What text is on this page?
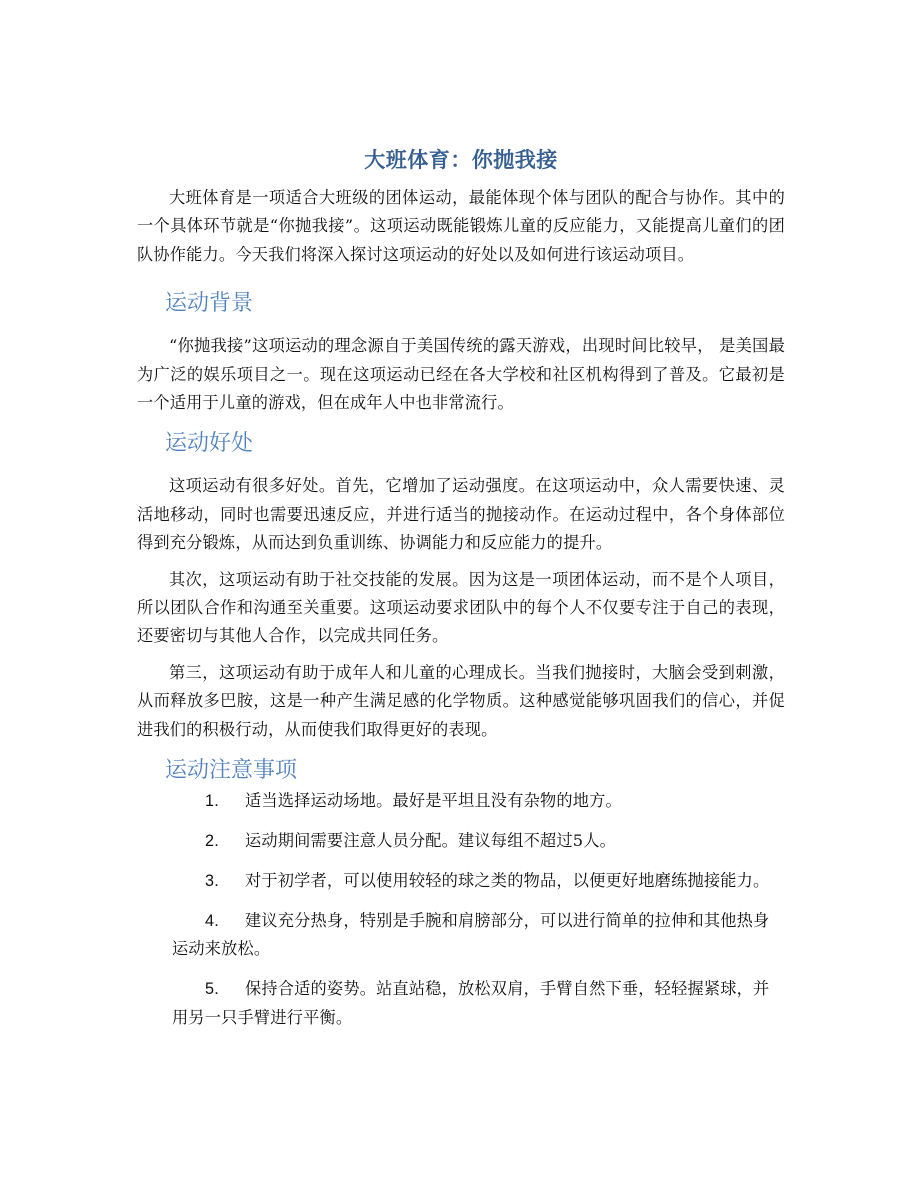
大班体育：你抛我接

大班体育是一项适合大班级的团体运动，最能体现个体与团队的配合与协作。其中的一个具体环节就是“你抛我接”。这项运动既能锻炼儿童的反应能力，又能提高儿童们的团队协作能力。今天我们将深入探讨这项运动的好处以及如何进行该运动项目。

运动背景

“你抛我接”这项运动的理念源自于美国传统的露天游戏，出现时间比较早， 是美国最为广泛的娱乐项目之一。现在这项运动已经在各大学校和社区机构得到了普及。它最初是一个适用于儿童的游戏，但在成年人中也非常流行。

运动好处

这项运动有很多好处。首先，它增加了运动强度。在这项运动中，众人需要快速、灵活地移动，同时也需要迅速反应，并进行适当的抛接动作。在运动过程中，各个身体部位得到充分锻炼，从而达到负重训练、协调能力和反应能力的提升。

其次，这项运动有助于社交技能的发展。因为这是一项团体运动，而不是个人项目，所以团队合作和沟通至关重要。这项运动要求团队中的每个人不仅要专注于自己的表现，还要密切与其他人合作，以完成共同任务。

第三，这项运动有助于成年人和儿童的心理成长。当我们抛接时，大脑会受到刺激，从而释放多巴胺，这是一种产生满足感的化学物质。这种感觉能够巩固我们的信心，并促进我们的积极行动，从而使我们取得更好的表现。

运动注意事项
1. 适当选择运动场地。最好是平坦且没有杂物的地方。
2. 运动期间需要注意人员分配。建议每组不超过5人。
3. 对于初学者，可以使用较轻的球之类的物品，以便更好地磨练抛接能力。
4. 建议充分热身，特别是手腕和肩膀部分，可以进行简单的拉伸和其他热身运动来放松。
5. 保持合适的姿势。站直站稳，放松双肩，手臂自然下垂，轻轻握紧球，并用另一只手臂进行平衡。
